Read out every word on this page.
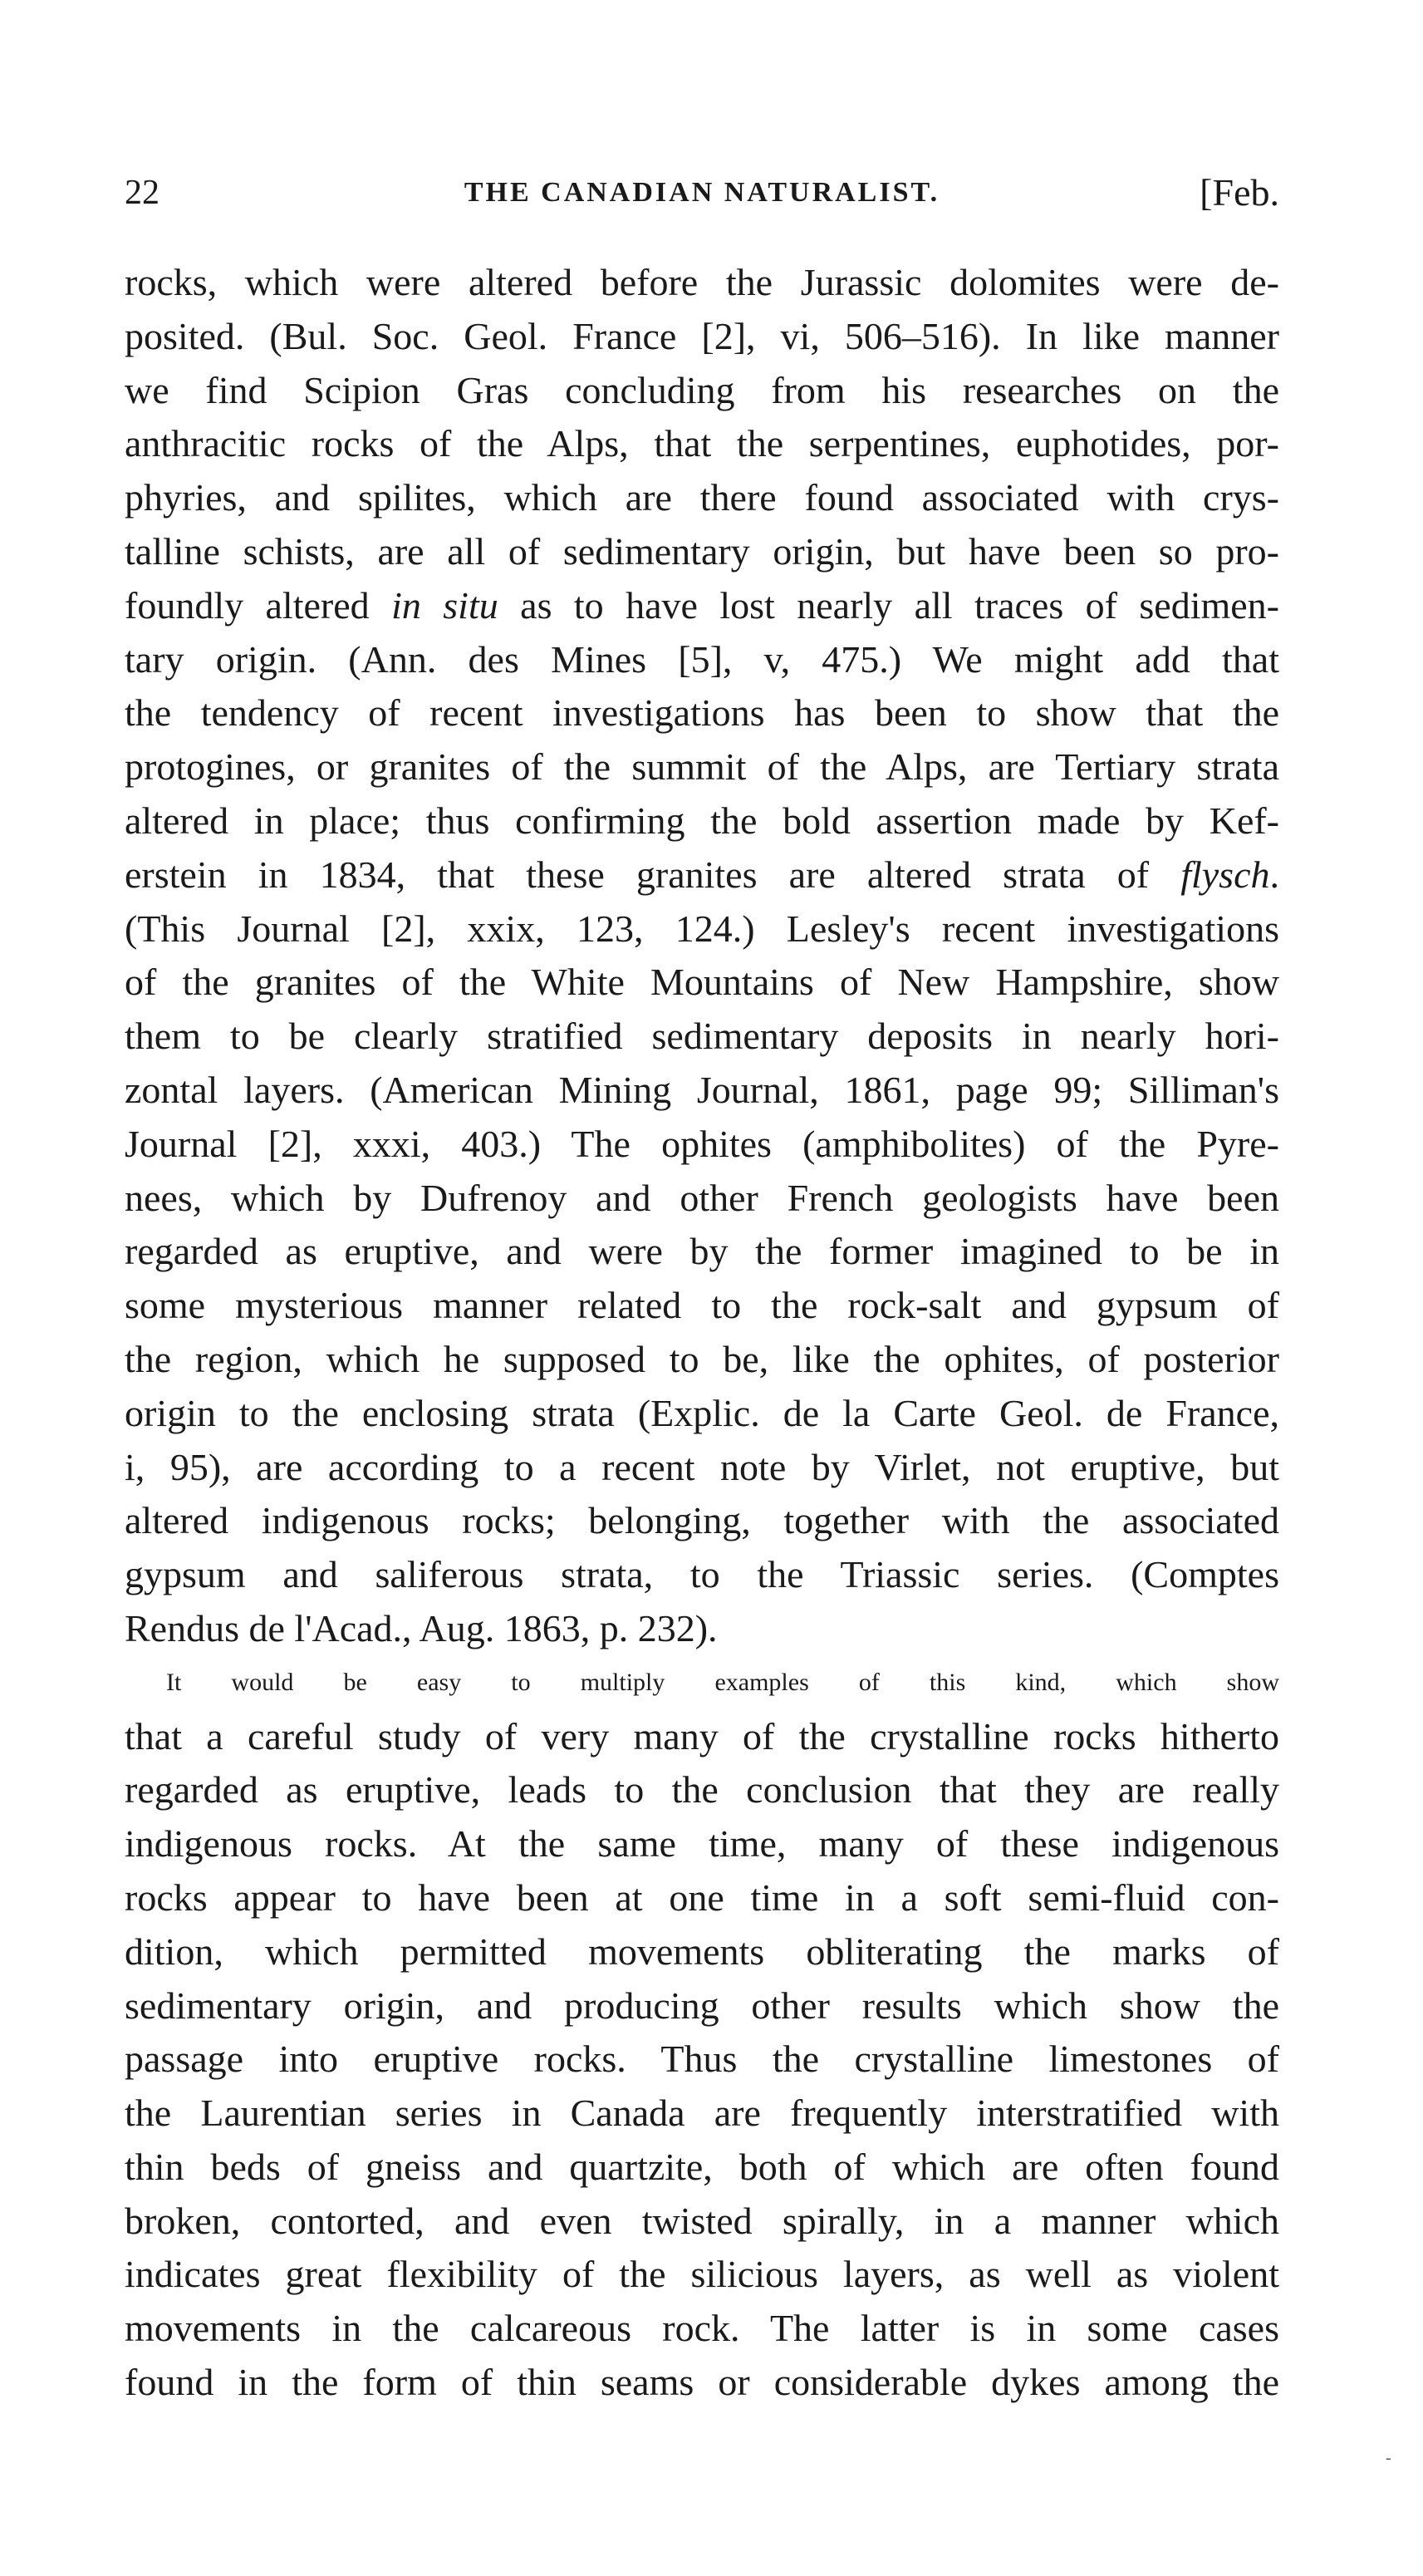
22	THE CANADIAN NATURALIST.	[Feb.
rocks, which were altered before the Jurassic dolomites were de-
posited. (Bul. Soc. Geol. France [2], vi, 506–516). In like manner
we find Scipion Gras concluding from his researches on the
anthracitic rocks of the Alps, that the serpentines, euphotides, por-
phyries, and spilites, which are there found associated with crys-
talline schists, are all of sedimentary origin, but have been so pro-
foundly altered in situ as to have lost nearly all traces of sedimen-
tary origin. (Ann. des Mines [5], v, 475.) We might add that
the tendency of recent investigations has been to show that the
protogines, or granites of the summit of the Alps, are Tertiary strata
altered in place; thus confirming the bold assertion made by Kef-
erstein in 1834, that these granites are altered strata of flysch.
(This Journal [2], xxix, 123, 124.) Lesley's recent investigations
of the granites of the White Mountains of New Hampshire, show
them to be clearly stratified sedimentary deposits in nearly hori-
zontal layers. (American Mining Journal, 1861, page 99; Silliman's
Journal [2], xxxi, 403.) The ophites (amphibolites) of the Pyre-
nees, which by Dufrenoy and other French geologists have been
regarded as eruptive, and were by the former imagined to be in
some mysterious manner related to the rock-salt and gypsum of
the region, which he supposed to be, like the ophites, of posterior
origin to the enclosing strata (Explic. de la Carte Geol. de France,
i, 95), are according to a recent note by Virlet, not eruptive, but
altered indigenous rocks; belonging, together with the associated
gypsum and saliferous strata, to the Triassic series. (Comptes
Rendus de l'Acad., Aug. 1863, p. 232).
It would be easy to multiply examples of this kind, which show
that a careful study of very many of the crystalline rocks hitherto
regarded as eruptive, leads to the conclusion that they are really
indigenous rocks. At the same time, many of these indigenous
rocks appear to have been at one time in a soft semi-fluid con-
dition, which permitted movements obliterating the marks of
sedimentary origin, and producing other results which show the
passage into eruptive rocks. Thus the crystalline limestones of
the Laurentian series in Canada are frequently interstratified with
thin beds of gneiss and quartzite, both of which are often found
broken, contorted, and even twisted spirally, in a manner which
indicates great flexibility of the silicious layers, as well as violent
movements in the calcareous rock. The latter is in some cases
found in the form of thin seams or considerable dykes among the
-
